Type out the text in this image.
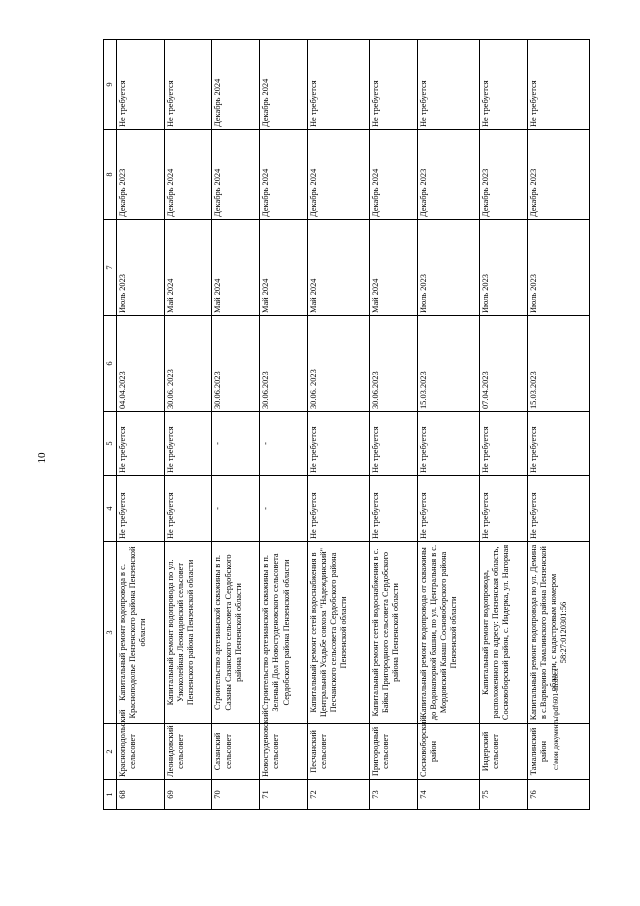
10
1	2	3	4	5	6	7	8	9
68	Красноподольский сельсовет	Капитальный ремонт водопровода в с. Красноподолье Пензенского района Пензенской области	Не требуется	Не требуется	04.04.2023	Июль 2023	Декабрь 2023	Не требуется
69	Леонидовский сельсовет	Капитальный ремонт водопровода по ул. Узкоколейная Леонидовский сельсовет Пензенского района Пензенской области	Не требуется	Не требуется	30.06. 2023	Май 2024	Декабрь 2024	Не требуется
70	Сазанский сельсовет	Строительство артезианской скважины в п. Сазаны Сазанского сельсовета Сердобского района Пензенской области	-	-	30.06.2023	Май 2024	Декабрь 2024	Декабрь 2024
71	Новостуденовский сельсовет	Строительство артезианской скважины в п. Зеленый Дол Новостуденовского сельсовета Сердобского района Пензенской области	-	-	30.06.2023	Май 2024	Декабрь 2024	Декабрь 2024
72	Песчанский сельсовет	Капитальный ремонт сетей водоснабжения в Центральной Усадьбе совхоза "Надеждинский" Песчанского сельсовета Сердобского района Пензенской области	Не требуется	Не требуется	30.06. 2023	Май 2024	Декабрь 2024	Не требуется
73	Пригородный сельсовет	Капитальный ремонт сетей водоснабжения в с. Байка Пригородного сельсовета Сердобского района Пензенской области	Не требуется	Не требуется	30.06.2023	Май 2024	Декабрь 2024	Не требуется
74	Сосновоборский район	Капитальный ремонт водопровода от скважины до Водонапорной башни, по ул. Центральная в с. Мордовский Канаш Сосновоборского района Пензенской области	Не требуется	Не требуется	15.03.2023	Июль 2023	Декабрь 2023	Не требуется
75	Индерский сельсовет	Капитальный ремонт водопровода, расположенного по адресу: Пензенская область, Сосновоборский район, с. Индерка, ул. Нагорная	Не требуется	Не требуется	07.04.2023	Июль 2023	Декабрь 2023	Не требуется
76	Тамалинский район	Капитальный ремонт водопровода по ул. Демина в с.Варварино Тамалинского района Пензенской области, с кадастровым номером 58:27:0120301:56	Не требуется	Не требуется	15.03.2023	Июль 2023	Декабрь 2023	Не требуется
c:\мои документы\pdf\601-nn.docx
